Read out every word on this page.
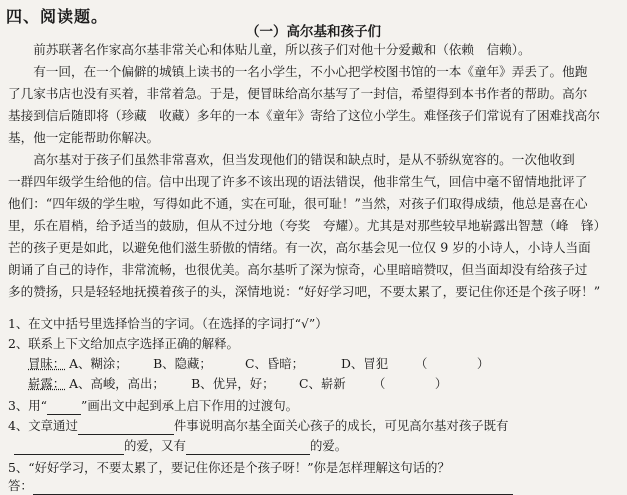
四、阅读题。
（一）高尔基和孩子们
　　前苏联著名作家高尔基非常关心和体贴儿童，所以孩子们对他十分爱戴和（依赖　信赖）。
　　有一回，在一个偏僻的城镇上读书的一名小学生，不小心把学校图书馆的一本《童年》弄丢了。他跑
了几家书店也没有买着，非常着急。于是，便冒昧给高尔基写了一封信，希望得到本书作者的帮助。高尔
基接到信后随即将（珍藏　收藏）多年的一本《童年》寄给了这位小学生。难怪孩子们常说有了困难找高尔
基，他一定能帮助你解决。
　　高尔基对于孩子们虽然非常喜欢，但当发现他们的错误和缺点时，是从不骄纵宽容的。一次他收到
一群四年级学生给他的信。信中出现了许多不该出现的语法错误，他非常生气，回信中毫不留情地批评了
他们：“四年级的学生啦，写得如此不通，实在可耻，很可耻！”当然，对孩子们取得成绩，他总是喜在心
里，乐在眉梢，给予适当的鼓励，但从不过分地（夸奖　夸耀）。尤其是对那些较早地崭露出智慧（峰　锋）
芒的孩子更是如此，以避免他们滋生骄傲的情绪。有一次，高尔基会见一位仅 9 岁的小诗人，小诗人当面
朗诵了自己的诗作，非常流畅，也很优美。高尔基听了深为惊奇，心里暗暗赞叹，但当面却没有给孩子过
多的赞扬，只是轻轻地抚摸着孩子的头，深情地说：“好好学习吧，不要太累了，要记住你还是个孩子呀！”
1、在文中括号里选择恰当的字词。（在选择的字词打“√”）
2、联系上下文给加点字选择正确的解释。
冒昧： A、糊涂； B、隐藏；	C、昏暗；	D、冒犯 （　　　　）
崭露： A、高峻，高出； B、优异，好； C、崭新 （　　　　）
3、用“	”画出文中起到承上启下作用的过渡句。
4、文章通过	件事说明高尔基全面关心孩子的成长，可见高尔基对孩子既有
的爱，又有	的爱。
5、“好好学习，不要太累了，要记住你还是个孩子呀！”你是怎样理解这句话的？
答：
